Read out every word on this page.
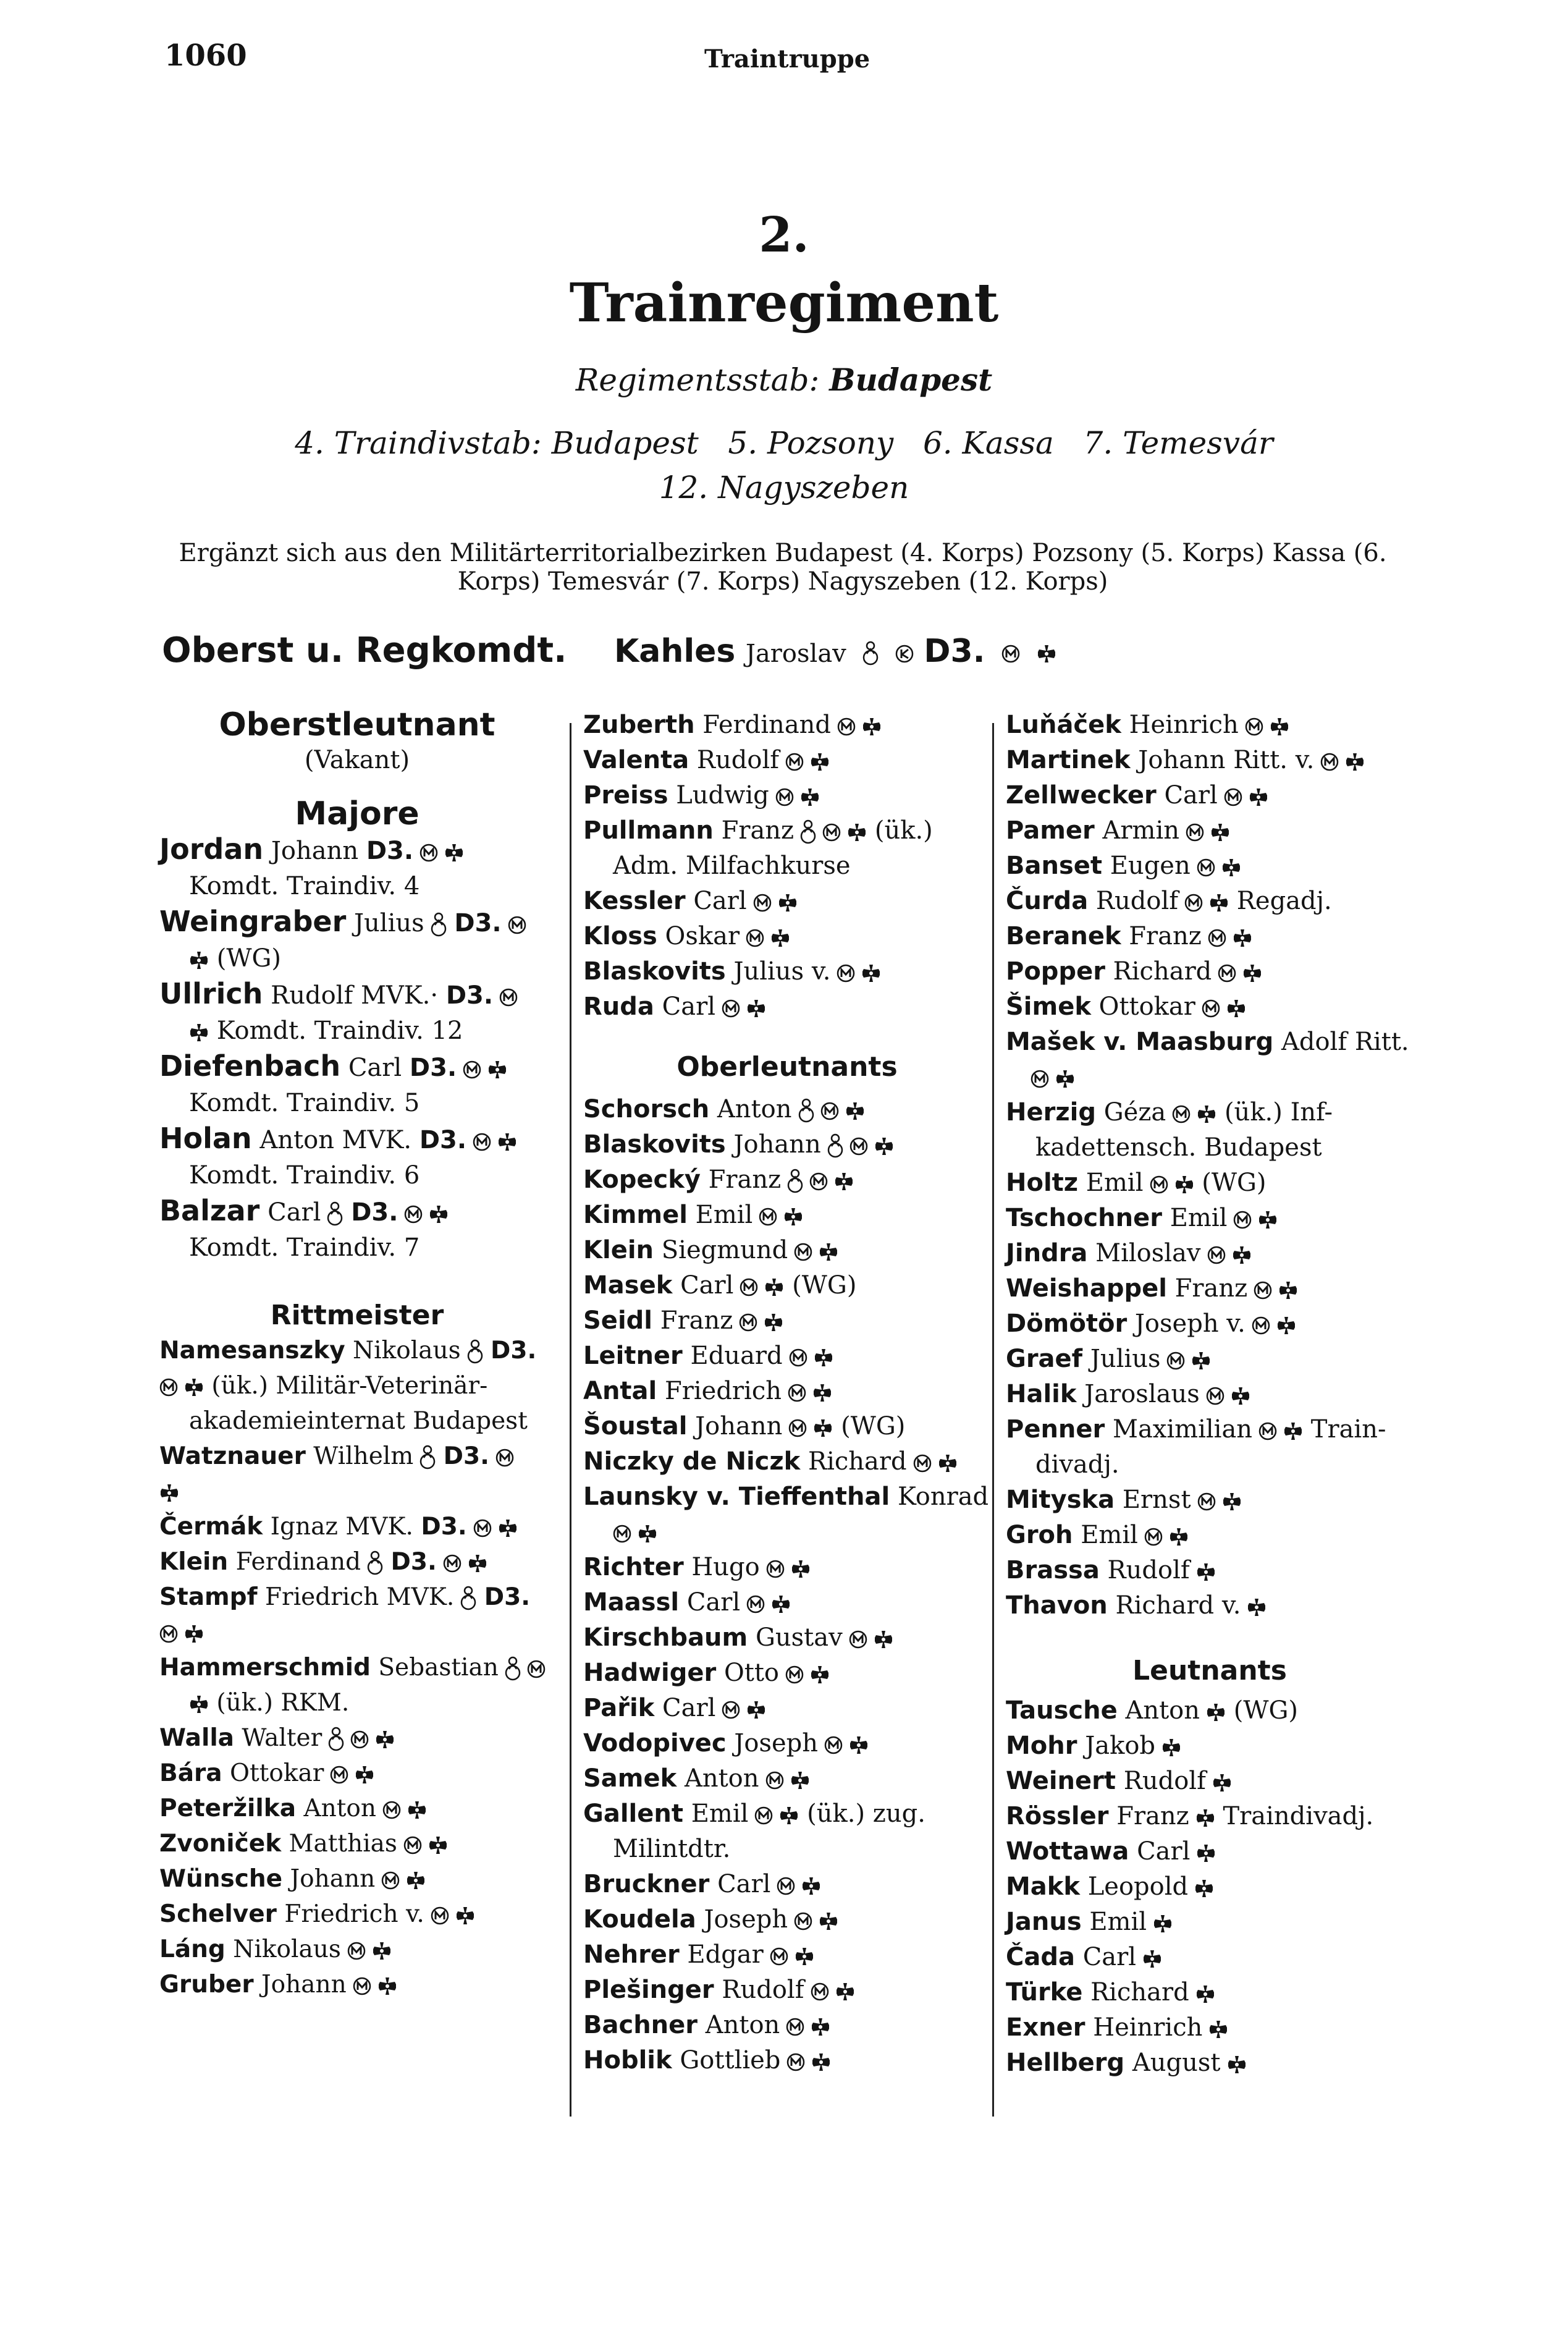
1060	Traintruppe
2.
Trainregiment
Regimentsstab: Budapest
4. Traindivstab: Budapest   5. Pozsony   6. Kassa   7. Temesvár
12. Nagyszeben
Ergänzt sich aus den Militärterritorialbezirken Budapest (4. Korps) Pozsony (5. Korps) Kassa (6. Korps) Temesvár (7. Korps) Nagyszeben (12. Korps)
Oberst u. Regkomdt. Kahles Jaroslav
D3.

Oberstleutnant
(Vakant)
Majore
Jordan Johann D3.
Komdt. Traindiv. 4
Weingraber Julius D3.
(WG)
Ullrich Rudolf MVK.· D3.
Komdt. Traindiv. 12
Diefenbach Carl D3.
Komdt. Traindiv. 5
Holan Anton MVK. D3.
Komdt. Traindiv. 6
Balzar Carl D3.
Komdt. Traindiv. 7
Rittmeister
Namesanszky Nikolaus D3.
(ük.) Militär-Veterinär-
akademieinternat Budapest
Watznauer Wilhelm D3.
Čermák Ignaz MVK. D3.
Klein Ferdinand D3.
Stampf Friedrich MVK. D3.
Hammerschmid Sebastian
(ük.) RKM.
Walla Walter
Bára Ottokar
Peteržilka Anton
Zvoniček Matthias
Wünsche Johann
Schelver Friedrich v.
Láng Nikolaus
Gruber Johann
Zuberth Ferdinand
Valenta Rudolf
Preiss Ludwig
Pullmann Franz	(ük.)
Adm. Milfachkurse
Kessler Carl
Kloss Oskar
Blaskovits Julius v.
Ruda Carl
Oberleutnants
Schorsch Anton
Blaskovits Johann
Kopecký Franz
Kimmel Emil
Klein Siegmund
Masek Carl (WG)
Seidl Franz
Leitner Eduard
Antal Friedrich
Šoustal Johann (WG)
Niczky de Niczk Richard
Launsky v. Tieffenthal Konrad
Richter Hugo
Maassl Carl
Kirschbaum Gustav
Hadwiger Otto
Pařik Carl
Vodopivec Joseph
Samek Anton
Gallent Emil (ük.) zug.
Milintdtr.
Bruckner Carl
Koudela Joseph
Nehrer Edgar
Plešinger Rudolf
Bachner Anton
Hoblik Gottlieb
Luňáček Heinrich
Martinek Johann Ritt. v.
Zellwecker Carl
Pamer Armin
Banset Eugen
Čurda Rudolf Regadj.
Beranek Franz
Popper Richard
Šimek Ottokar
Mašek v. Maasburg Adolf Ritt.
Herzig Géza (ük.) Inf-
kadettensch. Budapest
Holtz Emil (WG)
Tschochner Emil
Jindra Miloslav
Weishappel Franz
Dömötör Joseph v.
Graef Julius
Halik Jaroslaus
Penner Maximilian Train-
divadj.
Mityska Ernst
Groh Emil
Brassa Rudolf
Thavon Richard v.
Leutnants
Tausche Anton (WG)
Mohr Jakob
Weinert Rudolf
Rössler Franz Traindivadj.
Wottawa Carl
Makk Leopold
Janus Emil
Čada Carl
Türke Richard
Exner Heinrich
Hellberg August
